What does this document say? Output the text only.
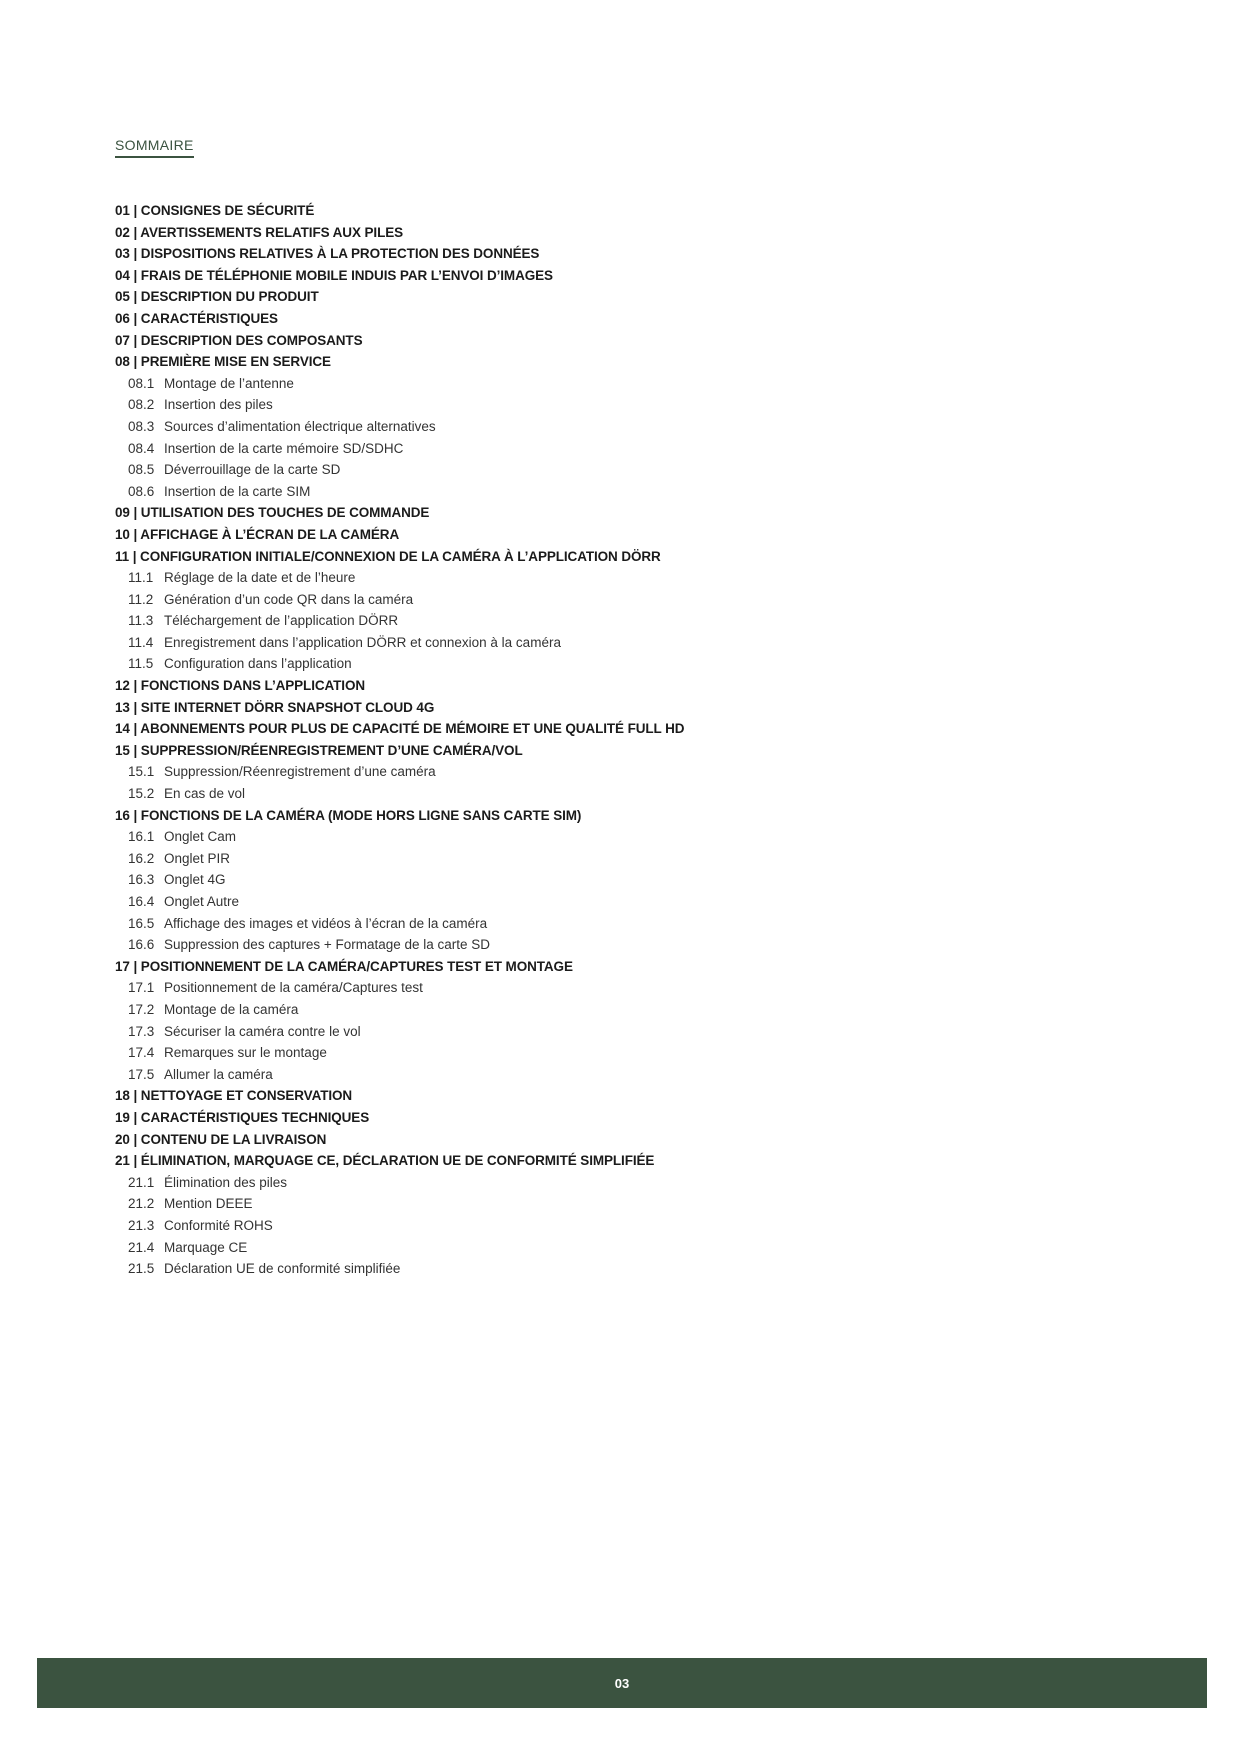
SOMMAIRE
01 | CONSIGNES DE SÉCURITÉ
02 | AVERTISSEMENTS RELATIFS AUX PILES
03 | DISPOSITIONS RELATIVES À LA PROTECTION DES DONNÉES
04 | FRAIS DE TÉLÉPHONIE MOBILE INDUIS PAR L’ENVOI D’IMAGES
05 | DESCRIPTION DU PRODUIT
06 | CARACTÉRISTIQUES
07 | DESCRIPTION DES COMPOSANTS
08 | PREMIÈRE MISE EN SERVICE
08.1 Montage de l’antenne
08.2 Insertion des piles
08.3 Sources d’alimentation électrique alternatives
08.4 Insertion de la carte mémoire SD/SDHC
08.5 Déverrouillage de la carte SD
08.6 Insertion de la carte SIM
09 | UTILISATION DES TOUCHES DE COMMANDE
10 | AFFICHAGE À L’ÉCRAN DE LA CAMÉRA
11 | CONFIGURATION INITIALE/CONNEXION DE LA CAMÉRA À L’APPLICATION DÖRR
11.1 Réglage de la date et de l’heure
11.2 Génération d’un code QR dans la caméra
11.3 Téléchargement de l’application DÖRR
11.4 Enregistrement dans l’application DÖRR et connexion à la caméra
11.5 Configuration dans l’application
12 | FONCTIONS DANS L’APPLICATION
13 | SITE INTERNET DÖRR SNAPSHOT CLOUD 4G
14 | ABONNEMENTS POUR PLUS DE CAPACITÉ DE MÉMOIRE ET UNE QUALITÉ FULL HD
15 | SUPPRESSION/RÉENREGISTREMENT D’UNE CAMÉRA/VOL
15.1 Suppression/Réenregistrement d’une caméra
15.2 En cas de vol
16 | FONCTIONS DE LA CAMÉRA (MODE HORS LIGNE SANS CARTE SIM)
16.1 Onglet Cam
16.2 Onglet PIR
16.3 Onglet 4G
16.4 Onglet Autre
16.5 Affichage des images et vidéos à l’écran de la caméra
16.6 Suppression des captures + Formatage de la carte SD
17 | POSITIONNEMENT DE LA CAMÉRA/CAPTURES TEST ET MONTAGE
17.1 Positionnement de la caméra/Captures test
17.2 Montage de la caméra
17.3 Sécuriser la caméra contre le vol
17.4 Remarques sur le montage
17.5 Allumer la caméra
18 | NETTOYAGE ET CONSERVATION
19 | CARACTÉRISTIQUES TECHNIQUES
20 | CONTENU DE LA LIVRAISON
21 | ÉLIMINATION, MARQUAGE CE, DÉCLARATION UE DE CONFORMITÉ SIMPLIFIÉE
21.1 Élimination des piles
21.2 Mention DEEE
21.3 Conformité ROHS
21.4 Marquage CE
21.5 Déclaration UE de conformité simplifiée
03
